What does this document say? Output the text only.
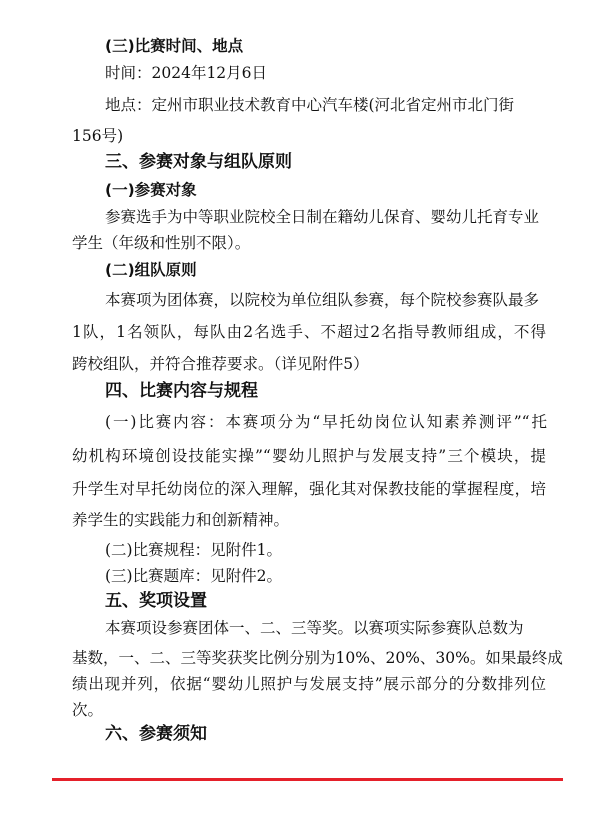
(三)比赛时间、地点
时间：2024年12月6日
地点：定州市职业技术教育中心汽车楼(河北省定州市北门街
156号)
三、参赛对象与组队原则
(一)参赛对象
参赛选手为中等职业院校全日制在籍幼儿保育、婴幼儿托育专业
学生（年级和性别不限）。
(二)组队原则
本赛项为团体赛，以院校为单位组队参赛，每个院校参赛队最多
1队，1名领队，每队由2名选手、不超过2名指导教师组成，不得
跨校组队，并符合推荐要求。（详见附件5）
四、比赛内容与规程
(一)比赛内容：本赛项分为“早托幼岗位认知素养测评”“托
幼机构环境创设技能实操”“婴幼儿照护与发展支持”三个模块，提
升学生对早托幼岗位的深入理解，强化其对保教技能的掌握程度，培
养学生的实践能力和创新精神。
(二)比赛规程：见附件1。
(三)比赛题库：见附件2。
五、奖项设置
本赛项设参赛团体一、二、三等奖。以赛项实际参赛队总数为
基数，一、二、三等奖获奖比例分别为10%、20%、30%。如果最终成
绩出现并列，依据“婴幼儿照护与发展支持”展示部分的分数排列位
次。
六、参赛须知
